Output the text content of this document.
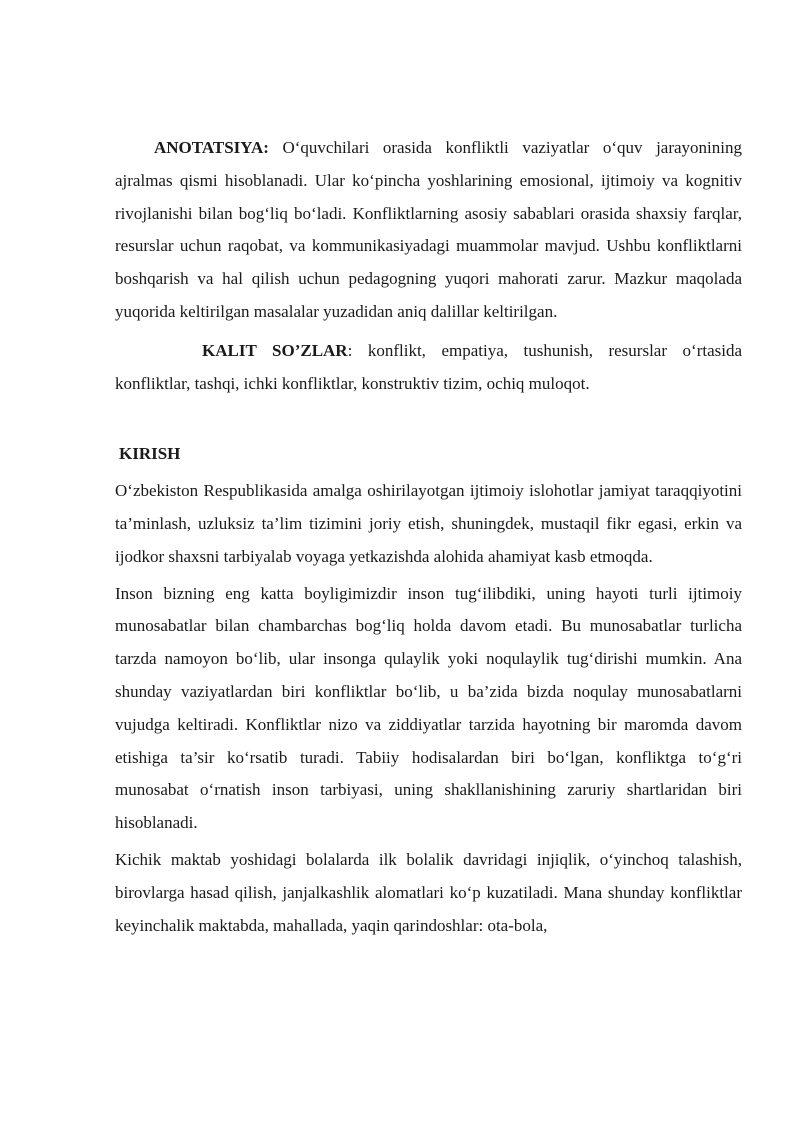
ANOTATSIYA: O‘quvchilari orasida konfliktli vaziyatlar o‘quv jarayonining ajralmas qismi hisoblanadi. Ular ko‘pincha yoshlarining emosional, ijtimoiy va kognitiv rivojlanishi bilan bog‘liq bo‘ladi. Konfliktlarning asosiy sabablari orasida shaxsiy farqlar, resurslar uchun raqobat, va kommunikasiyadagi muammolar mavjud. Ushbu konfliktlarni boshqarish va hal qilish uchun pedagogning yuqori mahorati zarur. Mazkur maqolada yuqorida keltirilgan masalalar yuzadidan aniq dalillar keltirilgan.

KALIT SO’ZLAR: konflikt, empatiya, tushunish, resurslar o‘rtasida konfliktlar, tashqi, ichki konfliktlar, konstruktiv tizim, ochiq muloqot.

KIRISH

O‘zbekiston Respublikasida amalga oshirilayotgan ijtimoiy islohotlar jamiyat taraqqiyotini ta’minlash, uzluksiz ta’lim tizimini joriy etish, shuningdek, mustaqil fikr egasi, erkin va ijodkor shaxsni tarbiyalab voyaga yetkazishda alohida ahamiyat kasb etmoqda.

Inson bizning eng katta boyligimizdir inson tug‘ilibdiki, uning hayoti turli ijtimoiy munosabatlar bilan chambarchas bog‘liq holda davom etadi. Bu munosabatlar turlicha tarzda namoyon bo‘lib, ular insonga qulaylik yoki noqulaylik tug‘dirishi mumkin. Ana shunday vaziyatlardan biri konfliktlar bo‘lib, u ba’zida bizda noqulay munosabatlarni vujudga keltiradi. Konfliktlar nizo va ziddiyatlar tarzida hayotning bir maromda davom etishiga ta’sir ko‘rsatib turadi. Tabiiy hodisalardan biri bo‘lgan, konfliktga to‘g‘ri munosabat o‘rnatish inson tarbiyasi, uning shakllanishining zaruriy shartlaridan biri hisoblanadi.

Kichik maktab yoshidagi bolalarda ilk bolalik davridagi injiqlik, o‘yinchoq talashish, birovlarga hasad qilish, janjalkashlik alomatlari ko‘p kuzatiladi. Mana shunday konfliktlar keyinchalik maktabda, mahallada, yaqin qarindoshlar: ota-bola,
